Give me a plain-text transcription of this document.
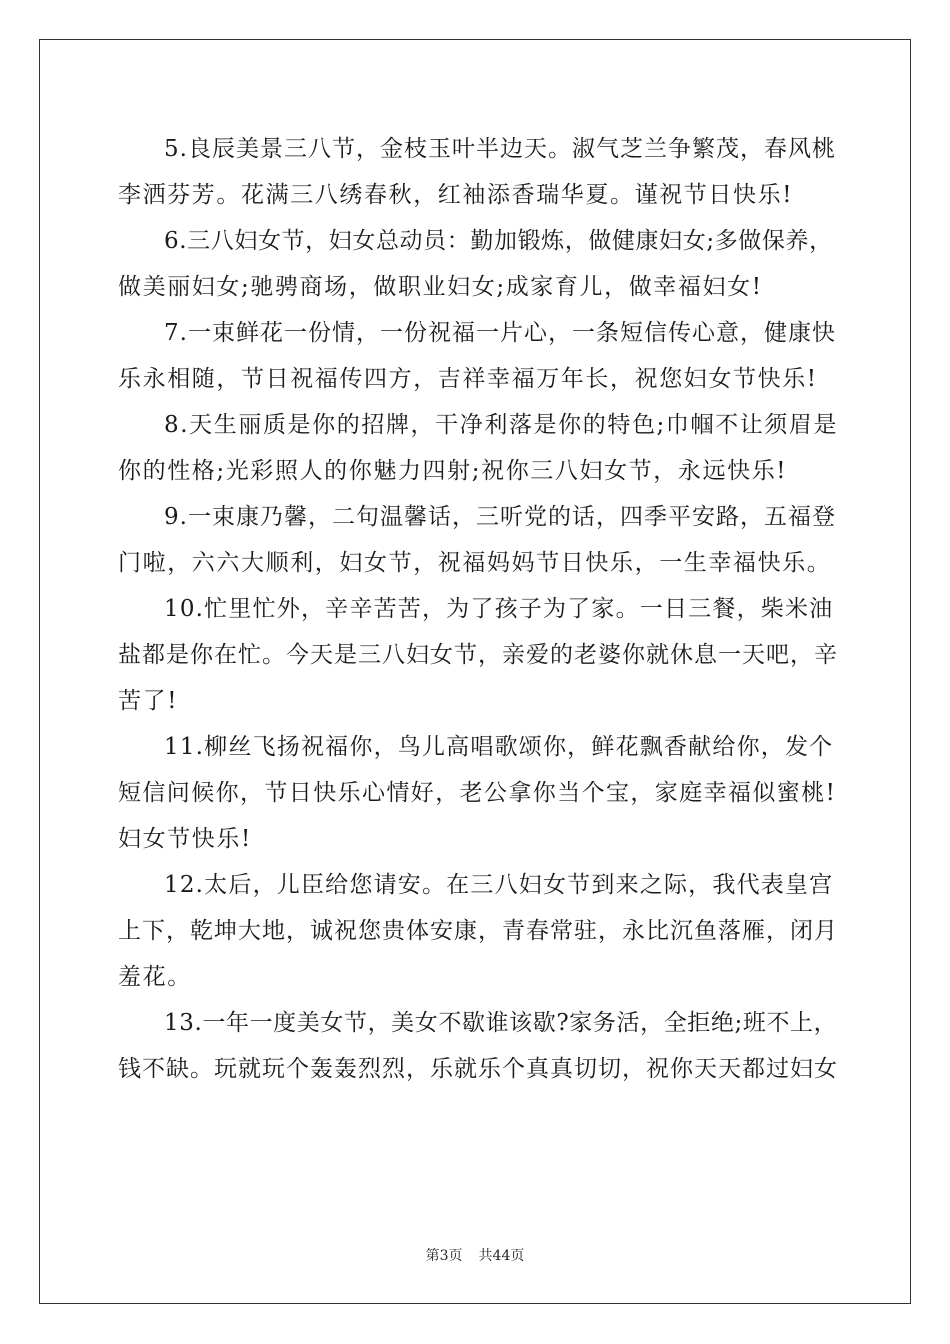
5.良辰美景三八节，金枝玉叶半边天。淑气芝兰争繁茂，春风桃
李洒芬芳。花满三八绣春秋，红袖添香瑞华夏。谨祝节日快乐!
6.三八妇女节，妇女总动员：勤加锻炼，做健康妇女;多做保养，
做美丽妇女;驰骋商场，做职业妇女;成家育儿，做幸福妇女!
7.一束鲜花一份情，一份祝福一片心，一条短信传心意，健康快
乐永相随，节日祝福传四方，吉祥幸福万年长，祝您妇女节快乐!
8.天生丽质是你的招牌，干净利落是你的特色;巾帼不让须眉是
你的性格;光彩照人的你魅力四射;祝你三八妇女节，永远快乐!
9.一束康乃馨，二句温馨话，三听党的话，四季平安路，五福登
门啦，六六大顺利，妇女节，祝福妈妈节日快乐，一生幸福快乐。
10.忙里忙外，辛辛苦苦，为了孩子为了家。一日三餐，柴米油
盐都是你在忙。今天是三八妇女节，亲爱的老婆你就休息一天吧，辛
苦了!
11.柳丝飞扬祝福你，鸟儿高唱歌颂你，鲜花飘香献给你，发个
短信问候你，节日快乐心情好，老公拿你当个宝，家庭幸福似蜜桃!
妇女节快乐!
12.太后，儿臣给您请安。在三八妇女节到来之际，我代表皇宫
上下，乾坤大地，诚祝您贵体安康，青春常驻，永比沉鱼落雁，闭月
羞花。
13.一年一度美女节，美女不歇谁该歇?家务活，全拒绝;班不上，
钱不缺。玩就玩个轰轰烈烈，乐就乐个真真切切，祝你天天都过妇女
第3页 共44页
